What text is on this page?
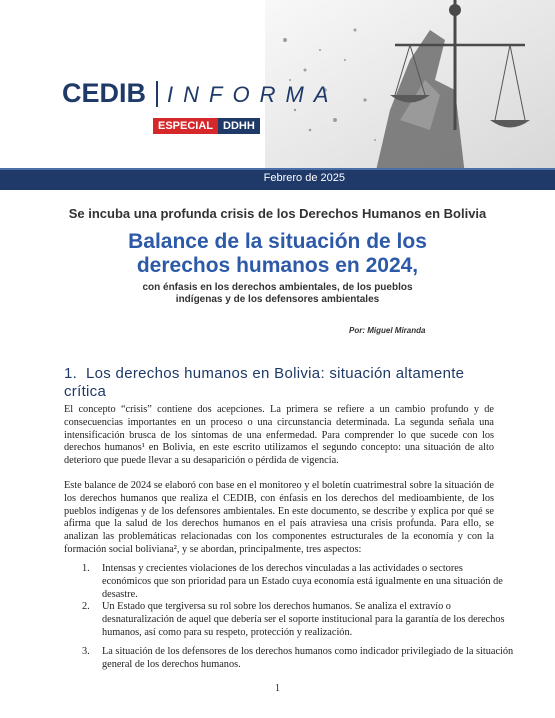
CEDIB INFORMA
ESPECIAL DDHH
Febrero de 2025
Se incuba una profunda crisis de los Derechos Humanos en Bolivia
Balance de la situación de los
derechos humanos en 2024,
con énfasis en los derechos ambientales, de los pueblos
indígenas y de los defensores ambientales
Por: Miguel Miranda
1. Los derechos humanos en Bolivia: situación altamente crítica
El concepto “crisis” contiene dos acepciones. La primera se refiere a un cambio profundo y de consecuencias importantes en un proceso o una circunstancia determinada. La segunda señala una intensificación brusca de los síntomas de una enfermedad. Para comprender lo que sucede con los derechos humanos¹ en Bolivia, en este escrito utilizamos el segundo concepto: una situación de alto deterioro que puede llevar a su desaparición o pérdida de vigencia.
Este balance de 2024 se elaboró con base en el monitoreo y el boletín cuatrimestral sobre la situación de los derechos humanos que realiza el CEDIB, con énfasis en los derechos del medioambiente, de los pueblos indígenas y de los defensores ambientales. En este documento, se describe y explica por qué se afirma que la salud de los derechos humanos en el país atraviesa una crisis profunda. Para ello, se analizan las problemáticas relacionadas con los componentes estructurales de la economía y con la formación social boliviana², y se abordan, principalmente, tres aspectos:
1. Intensas y crecientes violaciones de los derechos vinculadas a las actividades o sectores económicos que son prioridad para un Estado cuya economía está igualmente en una situación de desastre.
2. Un Estado que tergiversa su rol sobre los derechos humanos. Se analiza el extravío o desnaturalización de aquel que debería ser el soporte institucional para la garantía de los derechos humanos, así como para su respeto, protección y realización.
3. La situación de los defensores de los derechos humanos como indicador privilegiado de la situación general de los derechos humanos.
1
